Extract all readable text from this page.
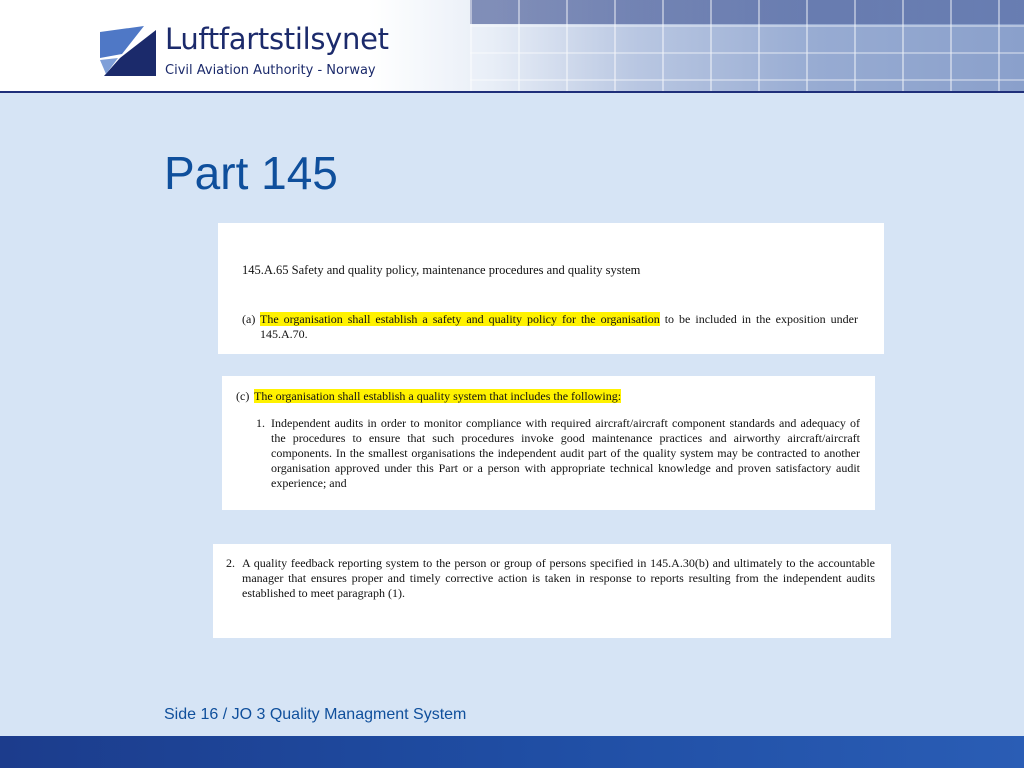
Luftfartstilsynet
Civil Aviation Authority - Norway
Part 145
145.A.65 Safety and quality policy, maintenance procedures and quality system
(a) The organisation shall establish a safety and quality policy for the organisation to be included in the exposition under 145.A.70.
(c) The organisation shall establish a quality system that includes the following:
1. Independent audits in order to monitor compliance with required aircraft/aircraft component standards and adequacy of the procedures to ensure that such procedures invoke good maintenance practices and airworthy aircraft/aircraft components. In the smallest organisations the independent audit part of the quality system may be contracted to another organisation approved under this Part or a person with appropriate technical knowledge and proven satisfactory audit experience; and
2. A quality feedback reporting system to the person or group of persons specified in 145.A.30(b) and ultimately to the accountable manager that ensures proper and timely corrective action is taken in response to reports resulting from the independent audits established to meet paragraph (1).
Side 16 / JO 3 Quality Managment System
